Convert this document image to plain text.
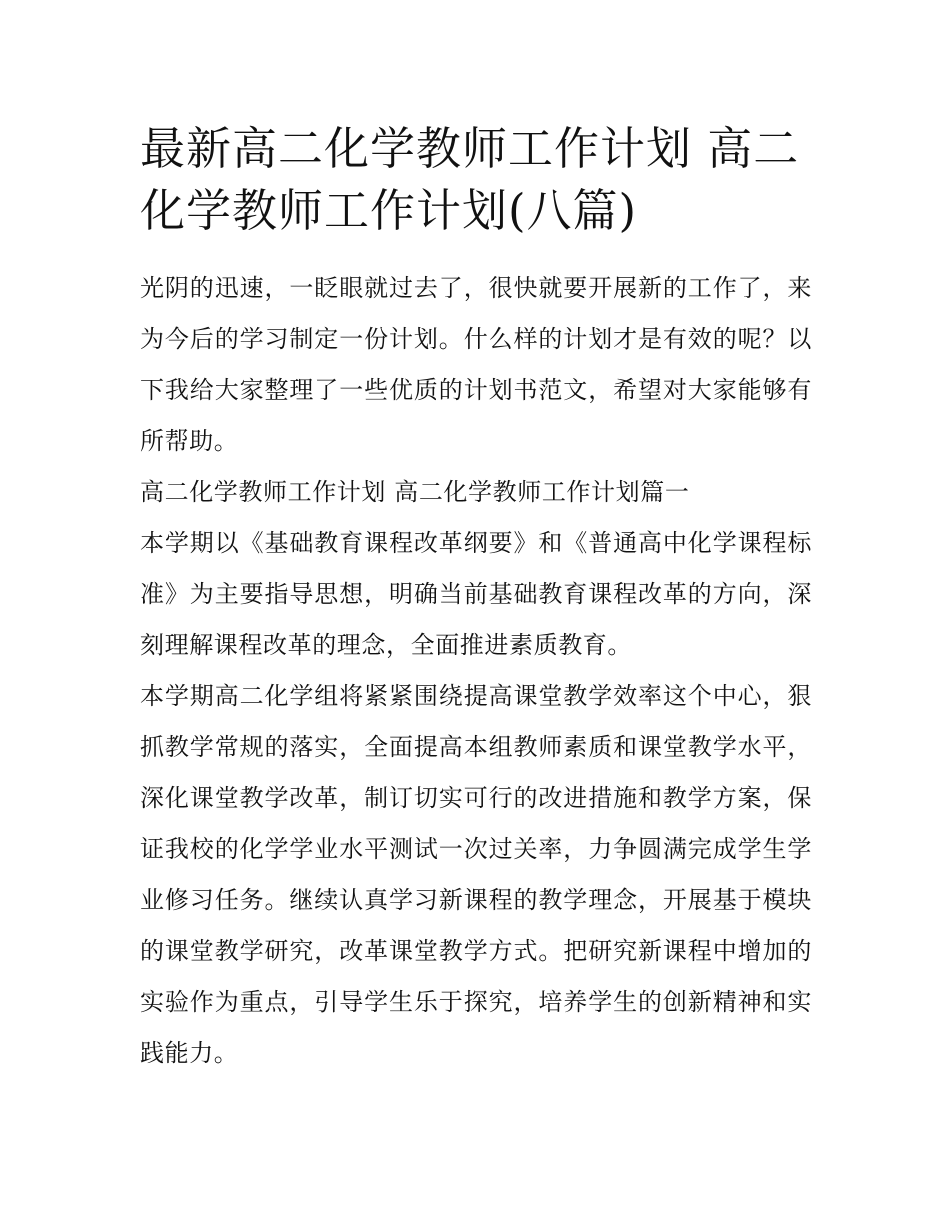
最新高二化学教师工作计划 高二化学教师工作计划(八篇)

光阴的迅速，一眨眼就过去了，很快就要开展新的工作了，来为今后的学习制定一份计划。什么样的计划才是有效的呢？以下我给大家整理了一些优质的计划书范文，希望对大家能够有所帮助。

高二化学教师工作计划 高二化学教师工作计划篇一

本学期以《基础教育课程改革纲要》和《普通高中化学课程标准》为主要指导思想，明确当前基础教育课程改革的方向，深刻理解课程改革的理念，全面推进素质教育。

本学期高二化学组将紧紧围绕提高课堂教学效率这个中心，狠抓教学常规的落实，全面提高本组教师素质和课堂教学水平，深化课堂教学改革，制订切实可行的改进措施和教学方案，保证我校的化学学业水平测试一次过关率，力争圆满完成学生学业修习任务。继续认真学习新课程的教学理念，开展基于模块的课堂教学研究，改革课堂教学方式。把研究新课程中增加的实验作为重点，引导学生乐于探究，培养学生的创新精神和实践能力。
